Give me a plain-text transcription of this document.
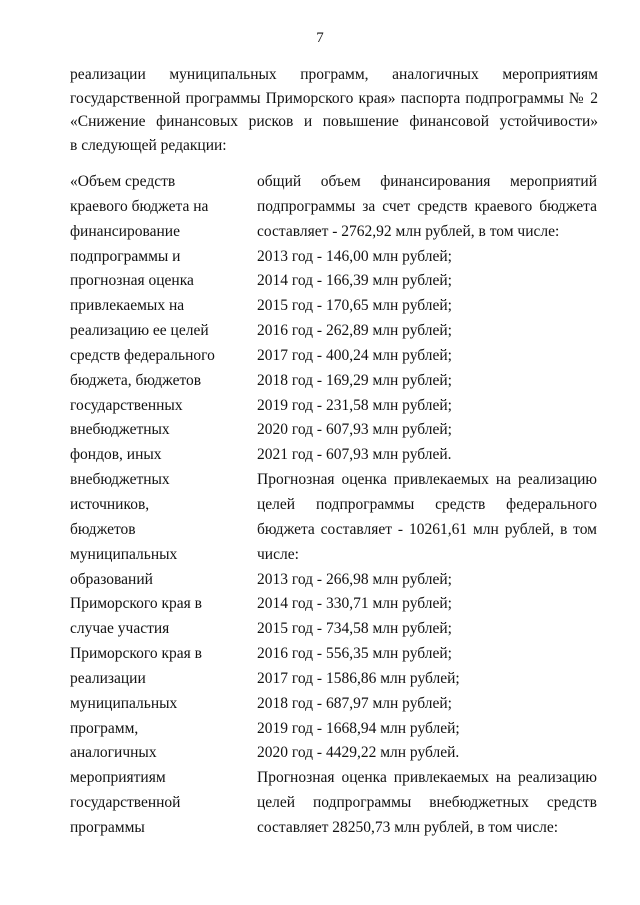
7
реализации муниципальных программ, аналогичных мероприятиям
государственной программы Приморского края» паспорта подпрограммы № 2
«Снижение финансовых рисков и повышение финансовой устойчивости»
в следующей редакции:
«Объем средств
краевого бюджета на
финансирование
подпрограммы и
прогнозная оценка
привлекаемых на
реализацию ее целей
средств федерального
бюджета, бюджетов
государственных
внебюджетных
фондов, иных
внебюджетных
источников,
бюджетов
муниципальных
образований
Приморского края в
случае участия
Приморского края в
реализации
муниципальных
программ,
аналогичных
мероприятиям
государственной
программы
общий объем финансирования мероприятий
подпрограммы за счет средств краевого бюджета
составляет - 2762,92 млн рублей, в том числе:
2013 год - 146,00 млн рублей;
2014 год - 166,39 млн рублей;
2015 год - 170,65 млн рублей;
2016 год - 262,89 млн рублей;
2017 год - 400,24 млн рублей;
2018 год - 169,29 млн рублей;
2019 год - 231,58 млн рублей;
2020 год - 607,93 млн рублей;
2021 год - 607,93 млн рублей.
Прогнозная оценка привлекаемых на реализацию
целей подпрограммы средств федерального
бюджета составляет - 10261,61 млн рублей, в том
числе:
2013 год - 266,98 млн рублей;
2014 год - 330,71 млн рублей;
2015 год - 734,58 млн рублей;
2016 год - 556,35 млн рублей;
2017 год - 1586,86 млн рублей;
2018 год - 687,97 млн рублей;
2019 год - 1668,94 млн рублей;
2020 год - 4429,22 млн рублей.
Прогнозная оценка привлекаемых на реализацию
целей подпрограммы внебюджетных средств
составляет 28250,73 млн рублей, в том числе:
